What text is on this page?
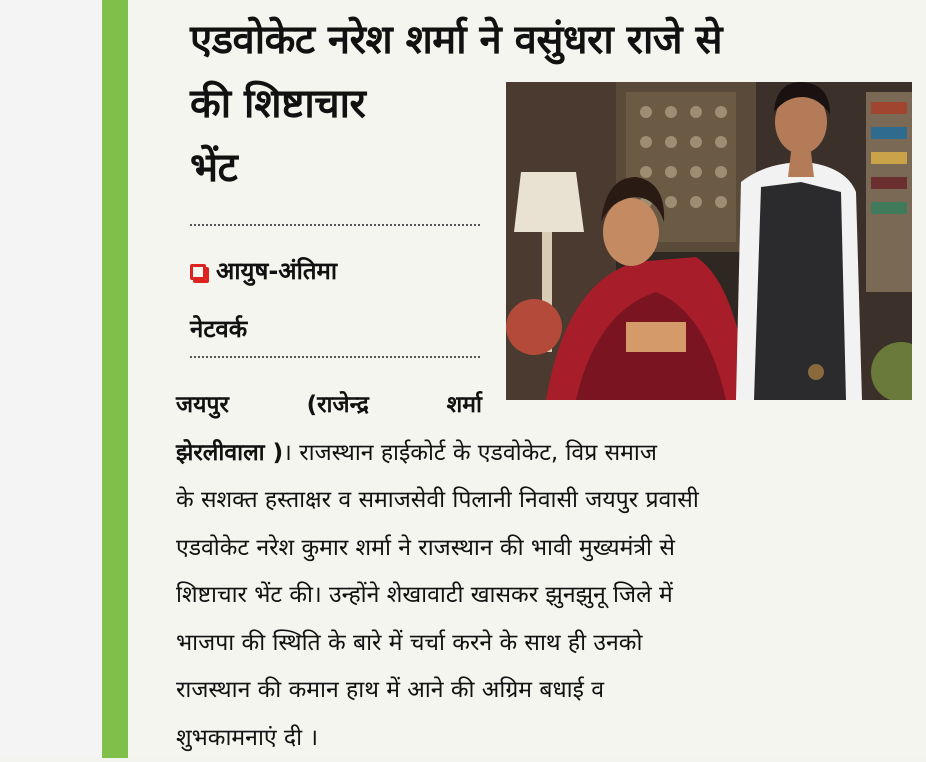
एडवोकेट नरेश शर्मा ने वसुंधरा राजे से
की शिष्टाचार
भेंट
आयुष-अंतिमा
नेटवर्क
जयपुर	(राजेन्द्र	शर्मा
झेरलीवाला )। राजस्थान हाईकोर्ट के एडवोकेट, विप्र समाज
के सशक्त हस्ताक्षर व समाजसेवी पिलानी निवासी जयपुर प्रवासी
एडवोकेट नरेश कुमार शर्मा ने राजस्थान की भावी मुख्यमंत्री से
शिष्टाचार भेंट की। उन्होंने शेखावाटी खासकर झुनझुनू जिले में
भाजपा की स्थिति के बारे में चर्चा करने के साथ ही उनको
राजस्थान की कमान हाथ में आने की अग्रिम बधाई व
शुभकामनाएं दी ।
